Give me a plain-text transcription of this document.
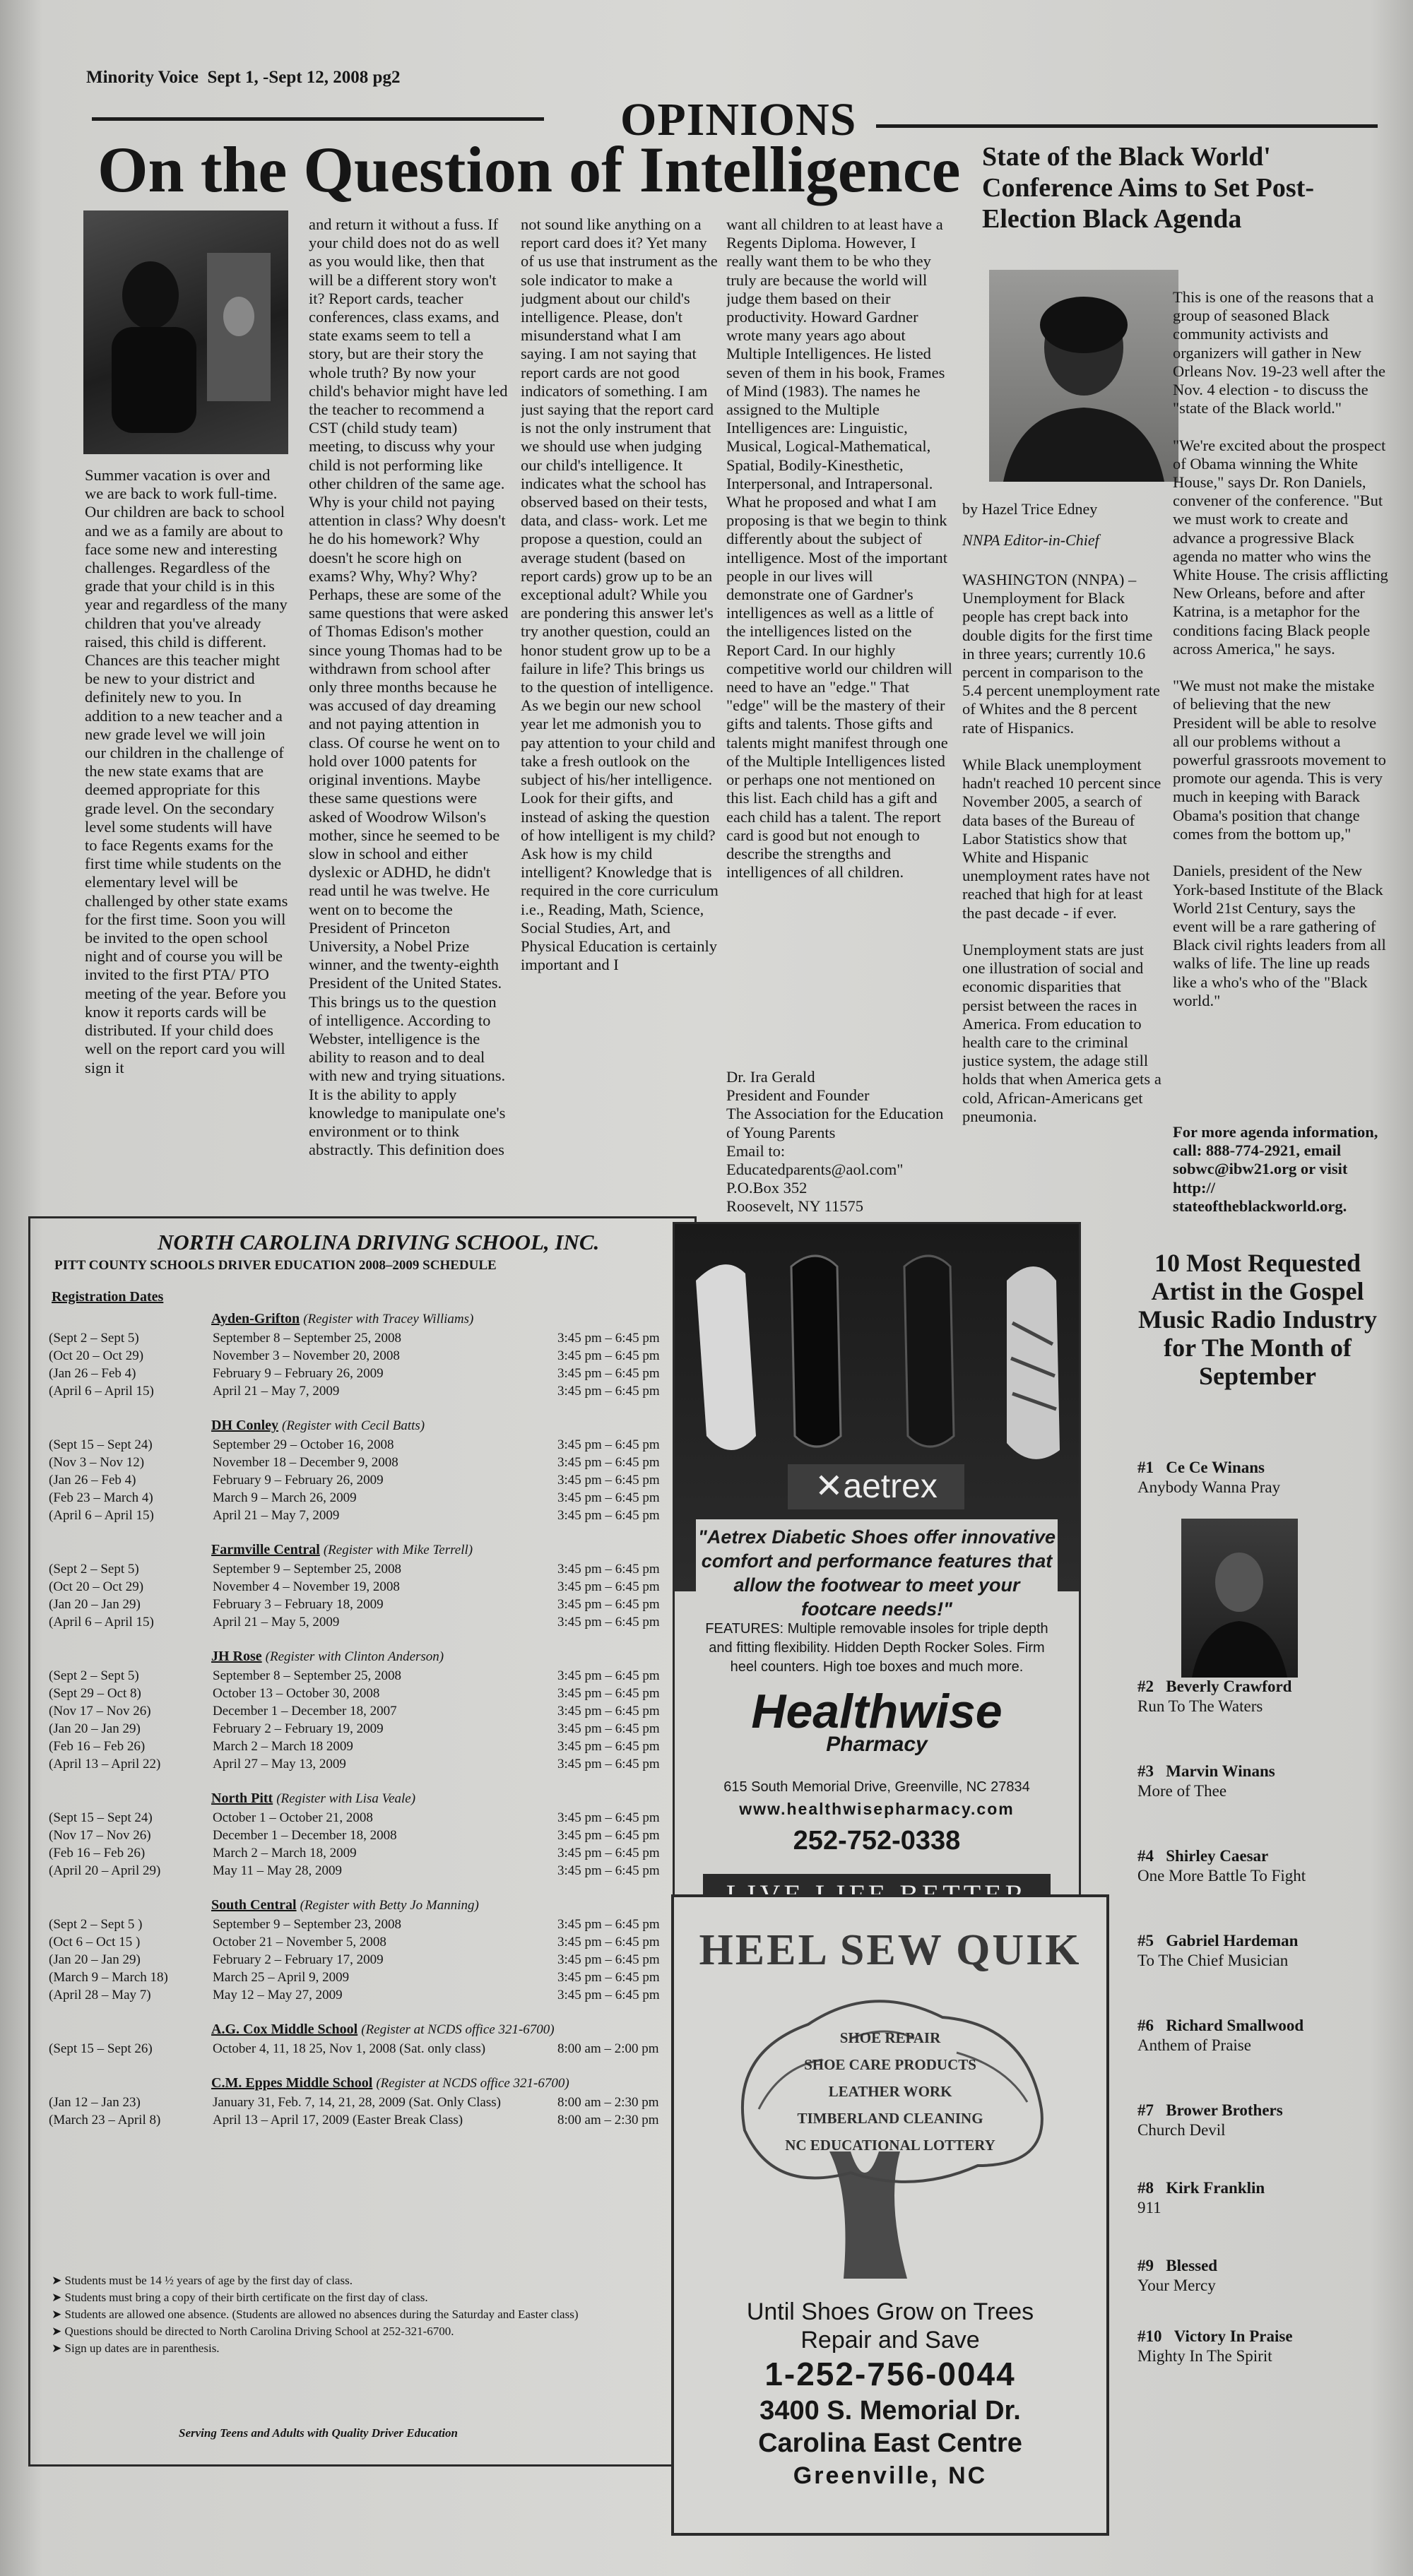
Minority Voice Sept 1, -Sept 12, 2008 pg2
OPINIONS
On the Question of Intelligence
Summer vacation is over and we are back to work full-time. Our children are back to school and we as a family are about to face some new and interesting challenges. Regardless of the grade that your child is in this year and regardless of the many children that you've already raised, this child is different. Chances are this teacher might be new to your district and definitely new to you. In addition to a new teacher and a new grade level we will join our children in the challenge of the new state exams that are deemed appropriate for this grade level. On the secondary level some students will have to face Regents exams for the first time while students on the elementary level will be challenged by other state exams for the first time. Soon you will be invited to the open school night and of course you will be invited to the first PTA/ PTO meeting of the year. Before you know it reports cards will be distributed. If your child does well on the report card you will sign it
and return it without a fuss. If your child does not do as well as you would like, then that will be a different story won't it? Report cards, teacher conferences, class exams, and state exams seem to tell a story, but are their story the whole truth? By now your child's behavior might have led the teacher to recommend a CST (child study team) meeting, to discuss why your child is not performing like other children of the same age. Why is your child not paying attention in class? Why doesn't he do his homework? Why doesn't he score high on exams? Why, Why? Why? Perhaps, these are some of the same questions that were asked of Thomas Edison's mother since young Thomas had to be withdrawn from school after only three months because he was accused of day dreaming and not paying attention in class. Of course he went on to hold over 1000 patents for original inventions. Maybe these same questions were asked of Woodrow Wilson's mother, since he seemed to be slow in school and either dyslexic or ADHD, he didn't read until he was twelve. He went on to become the President of Princeton University, a Nobel Prize winner, and the twenty-eighth President of the United States. This brings us to the question of intelligence. According to Webster, intelligence is the ability to reason and to deal with new and trying situations. It is the ability to apply knowledge to manipulate one's environment or to think abstractly. This definition does
not sound like anything on a report card does it? Yet many of us use that instrument as the sole indicator to make a judgment about our child's intelligence. Please, don't misunderstand what I am saying. I am not saying that report cards are not good indicators of something. I am just saying that the report card is not the only instrument that we should use when judging our child's intelligence. It indicates what the school has observed based on their tests, data, and class- work. Let me propose a question, could an average student (based on report cards) grow up to be an exceptional adult? While you are pondering this answer let's try another question, could an honor student grow up to be a failure in life? This brings us to the question of intelligence. As we begin our new school year let me admonish you to pay attention to your child and take a fresh outlook on the subject of his/her intelligence. Look for their gifts, and instead of asking the question of how intelligent is my child? Ask how is my child intelligent? Knowledge that is required in the core curriculum i.e., Reading, Math, Science, Social Studies, Art, and Physical Education is certainly important and I
want all children to at least have a Regents Diploma. However, I really want them to be who they truly are because the world will judge them based on their productivity. Howard Gardner wrote many years ago about Multiple Intelligences. He listed seven of them in his book, Frames of Mind (1983). The names he assigned to the Multiple Intelligences are: Linguistic, Musical, Logical-Mathematical, Spatial, Bodily-Kinesthetic, Interpersonal, and Intrapersonal. What he proposed and what I am proposing is that we begin to think differently about the subject of intelligence. Most of the important people in our lives will demonstrate one of Gardner's intelligences as well as a little of the intelligences listed on the Report Card. In our highly competitive world our children will need to have an "edge." That "edge" will be the mastery of their gifts and talents. Those gifts and talents might manifest through one of the Multiple Intelligences listed or perhaps one not mentioned on this list. Each child has a gift and each child has a talent. The report card is good but not enough to describe the strengths and intelligences of all children.
Dr. Ira Gerald
President and Founder
The Association for the Education of Young Parents
Email to:
Educatedparents@aol.com"
P.O.Box 352
Roosevelt, NY 11575
State of the Black World' Conference Aims to Set Post-Election Black Agenda
by Hazel Trice Edney
NNPA Editor-in-Chief
WASHINGTON (NNPA) – Unemployment for Black people has crept back into double digits for the first time in three years; currently 10.6 percent in comparison to the 5.4 percent unemployment rate of Whites and the 8 percent rate of Hispanics.

While Black unemployment hadn't reached 10 percent since November 2005, a search of data bases of the Bureau of Labor Statistics show that White and Hispanic unemployment rates have not reached that high for at least the past decade - if ever.

Unemployment stats are just one illustration of social and economic disparities that persist between the races in America. From education to health care to the criminal justice system, the adage still holds that when America gets a cold, African-Americans get pneumonia.
This is one of the reasons that a group of seasoned Black community activists and organizers will gather in New Orleans Nov. 19-23 well after the Nov. 4 election - to discuss the "state of the Black world."

"We're excited about the prospect of Obama winning the White House," says Dr. Ron Daniels, convener of the conference. "But we must work to create and advance a progressive Black agenda no matter who wins the White House. The crisis afflicting New Orleans, before and after Katrina, is a metaphor for the conditions facing Black people across America," he says.

"We must not make the mistake of believing that the new President will be able to resolve all our problems without a powerful grassroots movement to promote our agenda. This is very much in keeping with Barack Obama's position that change comes from the bottom up,"

Daniels, president of the New York-based Institute of the Black World 21st Century, says the event will be a rare gathering of Black civil rights leaders from all walks of life. The line up reads like a who's who of the "Black world."
For more agenda information, call: 888-774-2921, email sobwc@ibw21.org or visit http:// stateoftheblackworld.org.
NORTH CAROLINA DRIVING SCHOOL, INC.
PITT COUNTY SCHOOLS DRIVER EDUCATION 2008–2009 SCHEDULE
Registration Dates
Ayden-Grifton (Register with Tracey Williams)
(Sept 2 – Sept 5)	September 8 – September 25, 2008	3:45 pm – 6:45 pm
(Oct 20 – Oct 29)	November 3 – November 20, 2008	3:45 pm – 6:45 pm
(Jan 26 – Feb 4)	February 9 – February 26, 2009	3:45 pm – 6:45 pm
(April 6 – April 15)	April 21 – May 7, 2009	3:45 pm – 6:45 pm
DH Conley (Register with Cecil Batts)
(Sept 15 – Sept 24)	September 29 – October 16, 2008	3:45 pm – 6:45 pm
(Nov 3 – Nov 12)	November 18 – December 9, 2008	3:45 pm – 6:45 pm
(Jan 26 – Feb 4)	February 9 – February 26, 2009	3:45 pm – 6:45 pm
(Feb 23 – March 4)	March 9 – March 26, 2009	3:45 pm – 6:45 pm
(April 6 – April 15)	April 21 – May 7, 2009	3:45 pm – 6:45 pm
Farmville Central (Register with Mike Terrell)
(Sept 2 – Sept 5)	September 9 – September 25, 2008	3:45 pm – 6:45 pm
(Oct 20 – Oct 29)	November 4 – November 19, 2008	3:45 pm – 6:45 pm
(Jan 20 – Jan 29)	February 3 – February 18, 2009	3:45 pm – 6:45 pm
(April 6 – April 15)	April 21 – May 5, 2009	3:45 pm – 6:45 pm
JH Rose (Register with Clinton Anderson)
(Sept 2 – Sept 5)	September 8 – September 25, 2008	3:45 pm – 6:45 pm
(Sept 29 – Oct 8)	October 13 – October 30, 2008	3:45 pm – 6:45 pm
(Nov 17 – Nov 26)	December 1 – December 18, 2007	3:45 pm – 6:45 pm
(Jan 20 – Jan 29)	February 2 – February 19, 2009	3:45 pm – 6:45 pm
(Feb 16 – Feb 26)	March 2 – March 18 2009	3:45 pm – 6:45 pm
(April 13 – April 22)	April 27 – May 13, 2009	3:45 pm – 6:45 pm
North Pitt (Register with Lisa Veale)
(Sept 15 – Sept 24)	October 1 – October 21, 2008	3:45 pm – 6:45 pm
(Nov 17 – Nov 26)	December 1 – December 18, 2008	3:45 pm – 6:45 pm
(Feb 16 – Feb 26)	March 2 – March 18, 2009	3:45 pm – 6:45 pm
(April 20 – April 29)	May 11 – May 28, 2009	3:45 pm – 6:45 pm
South Central (Register with Betty Jo Manning)
(Sept 2 – Sept 5 )	September 9 – September 23, 2008	3:45 pm – 6:45 pm
(Oct 6 – Oct 15 )	October 21 – November 5, 2008	3:45 pm – 6:45 pm
(Jan 20 – Jan 29)	February 2 – February 17, 2009	3:45 pm – 6:45 pm
(March 9 – March 18)	March 25 – April 9, 2009	3:45 pm – 6:45 pm
(April 28 – May 7)	May 12 – May 27, 2009	3:45 pm – 6:45 pm
A.G. Cox Middle School (Register at NCDS office 321-6700)
(Sept 15 – Sept 26)	October 4, 11, 18 25, Nov 1, 2008 (Sat. only class)	8:00 am – 2:00 pm
C.M. Eppes Middle School (Register at NCDS office 321-6700)
(Jan 12 – Jan 23)	January 31, Feb. 7, 14, 21, 28, 2009 (Sat. Only Class)	8:00 am – 2:30 pm
(March 23 – April 8)	April 13 – April 17, 2009 (Easter Break Class)	8:00 am – 2:30 pm
➤ Students must be 14 ½ years of age by the first day of class.
➤ Students must bring a copy of their birth certificate on the first day of class.
➤ Students are allowed one absence. (Students are allowed no absences during the Saturday and Easter class)
➤ Questions should be directed to North Carolina Driving School at 252-321-6700.
➤ Sign up dates are in parenthesis.
Serving Teens and Adults with Quality Driver Education
✕aetrex
"Aetrex Diabetic Shoes offer innovative comfort and performance features that allow the footwear to meet your footcare needs!"
FEATURES: Multiple removable insoles for triple depth and fitting flexibility. Hidden Depth Rocker Soles. Firm heel counters. High toe boxes and much more.
Healthwise
Pharmacy
615 South Memorial Drive, Greenville, NC 27834
www.healthwisepharmacy.com
252-752-0338
HEEL SEW QUIK
SHOE REPAIR
SHOE CARE PRODUCTS
LEATHER WORK
TIMBERLAND CLEANING
NC EDUCATIONAL LOTTERY
Until Shoes Grow on Trees
Repair and Save
1-252-756-0044
3400 S. Memorial Dr.
Carolina East Centre
Greenville, NC
10 Most Requested Artist in the Gospel Music Radio Industry for The Month of September
#1 Ce Ce Winans
Anybody Wanna Pray
#2 Beverly Crawford
Run To The Waters
#3 Marvin Winans
More of Thee
#4 Shirley Caesar
One More Battle To Fight
#5 Gabriel Hardeman
To The Chief Musician
#6 Richard Smallwood
Anthem of Praise
#7 Brower Brothers
Church Devil
#8 Kirk Franklin
911
#9 Blessed
Your Mercy
#10 Victory In Praise
Mighty In The Spirit
